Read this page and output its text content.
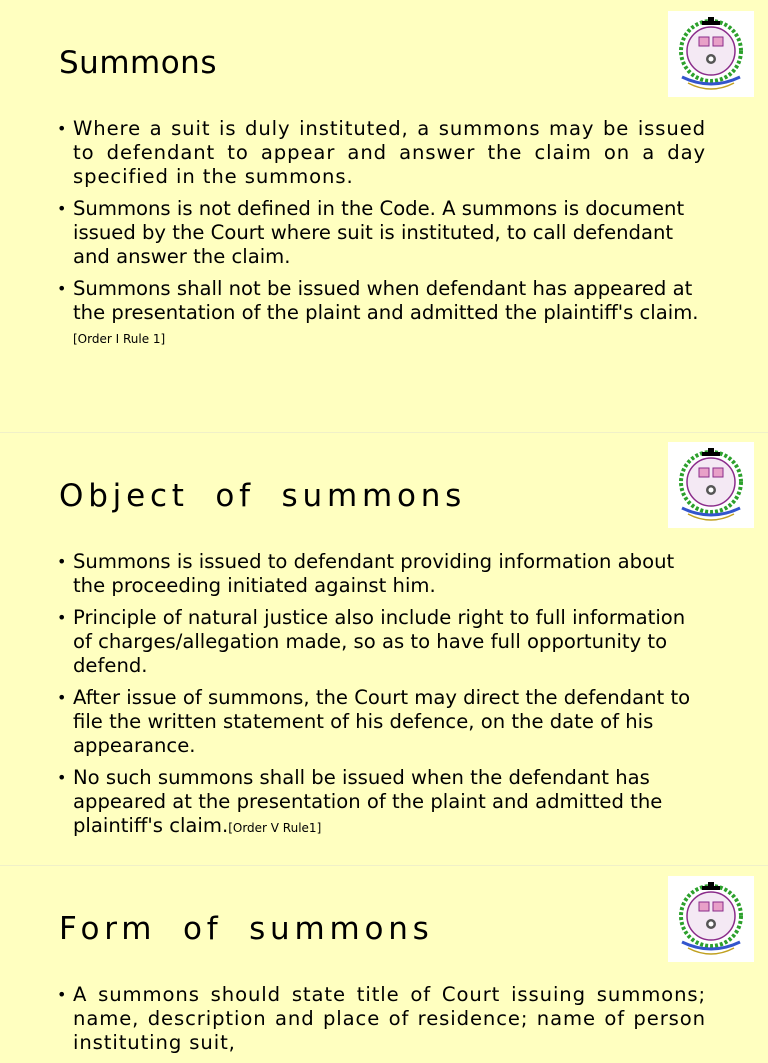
Summons
• Where a suit is duly instituted, a summons may be issued to defendant to appear and answer the claim on a day specified in the summons.
• Summons is not defined in the Code. A summons is document issued by the Court where suit is instituted, to call defendant and answer the claim.
• Summons shall not be issued when defendant has appeared at the presentation of the plaint and admitted the plaintiff's claim. [Order I Rule 1]
Object of summons
• Summons is issued to defendant providing information about the proceeding initiated against him.
• Principle of natural justice also include right to full information of charges/allegation made, so as to have full opportunity to defend.
• After issue of summons, the Court may direct the defendant to file the written statement of his defence, on the date of his appearance.
• No such summons shall be issued when the defendant has appeared at the presentation of the plaint and admitted the plaintiff's claim.[Order V Rule1]
Form of summons
• A summons should state title of Court issuing summons; name, description and place of residence; name of person instituting suit,
